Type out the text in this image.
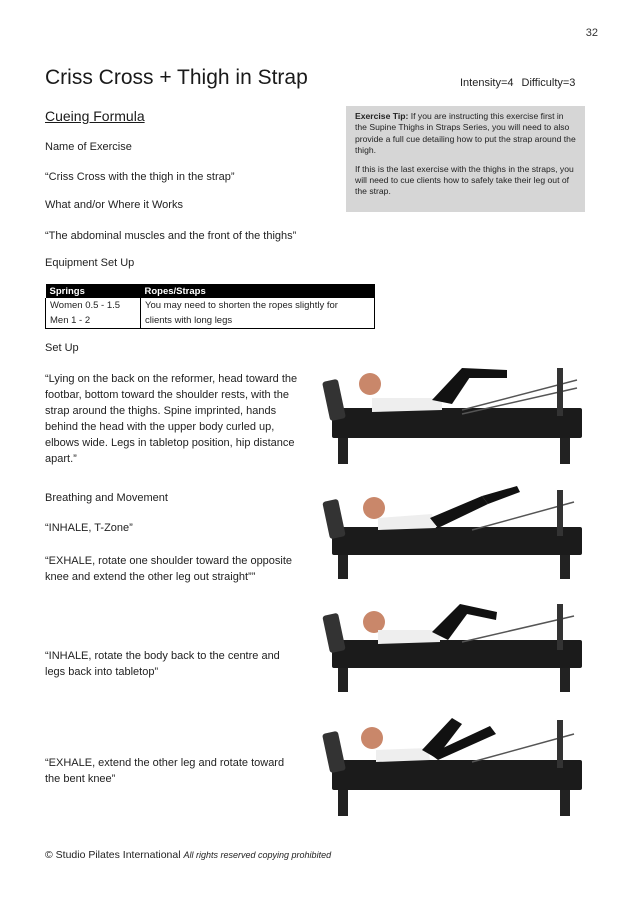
32
Criss Cross + Thigh in Strap	Intensity=4 Difficulty=3
Cueing Formula	Exercise Tip: If you are instructing this exercise first in the Supine Thighs in Straps Series, you will need to also provide a full cue detailing how to put the strap around the thigh.

If this is the last exercise with the thighs in the straps, you will need to cue clients how to safely take their leg out of the strap.

Name of Exercise
“Criss Cross with the thigh in the strap”
What and/or Where it Works
“The abdominal muscles and the front of the thighs”
Equipment Set Up
Springs	Ropes/Straps
Women 0.5 - 1.5	You may need to shorten the ropes slightly for
Men 1 - 2	clients with long legs
Set Up
“Lying on the back on the reformer, head toward the footbar, bottom toward the shoulder rests, with the strap around the thighs. Spine imprinted, hands behind the head with the upper body curled up, elbows wide. Legs in tabletop position, hip distance apart.”
Breathing and Movement
“INHALE, T-Zone”
“EXHALE, rotate one shoulder toward the opposite knee and extend the other leg out straight””
“INHALE, rotate the body back to the centre and legs back into tabletop”
“EXHALE, extend the other leg and rotate toward the bent knee”
© Studio Pilates International All rights reserved copying prohibited
